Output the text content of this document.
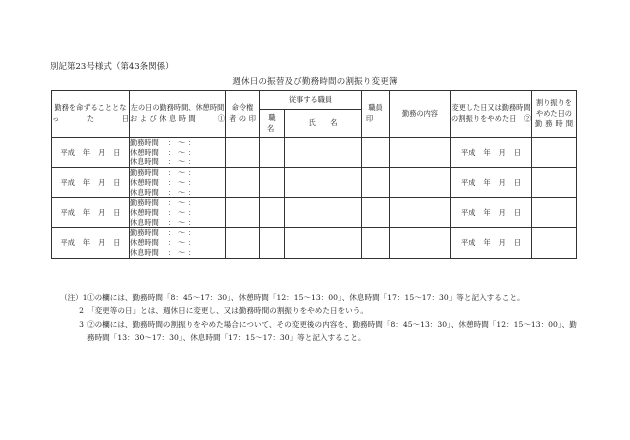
別記第23号様式（第43条関係）
週休日の振替及び勤務時間の割振り変更簿
勤務を命ずることとなった日	左の日の勤務時間、休憩時間および休息時間　　①	命令権者の印	従事する職員		職員印	勤務の内容	変更した日又は勤務時間の割振りをやめた日　②	割り振りをやめた日の勤務時間
			職名	氏　　名				
平成 年 月 日	勤務時間 ： 〜 ：
休憩時間 ： 〜 ：
休息時間 ： 〜 ：						平成 年 月 日	
平成 年 月 日	勤務時間 ： 〜 ：
休憩時間 ： 〜 ：
休息時間 ： 〜 ：						平成 年 月 日	
平成 年 月 日	勤務時間 ： 〜 ：
休憩時間 ： 〜 ：
休息時間 ： 〜 ：						平成 年 月 日	
平成 年 月 日	勤務時間 ： 〜 ：
休憩時間 ： 〜 ：
休息時間 ： 〜 ：						平成 年 月 日	
（注）1 ①の欄には、勤務時間「8：45〜17：30」、休憩時間「12：15〜13：00」、休息時間「17：15〜17：30」等と記入すること。
2 「変更等の日」とは、週休日に変更し、又は勤務時間の割振りをやめた日をいう。
3 ②の欄には、勤務時間の割振りをやめた場合について、その変更後の内容を、勤務時間「8：45〜13：30」、休憩時間「12：15〜13：00」、勤務時間「13：30〜17：30」、休息時間「17：15〜17：30」等と記入すること。
